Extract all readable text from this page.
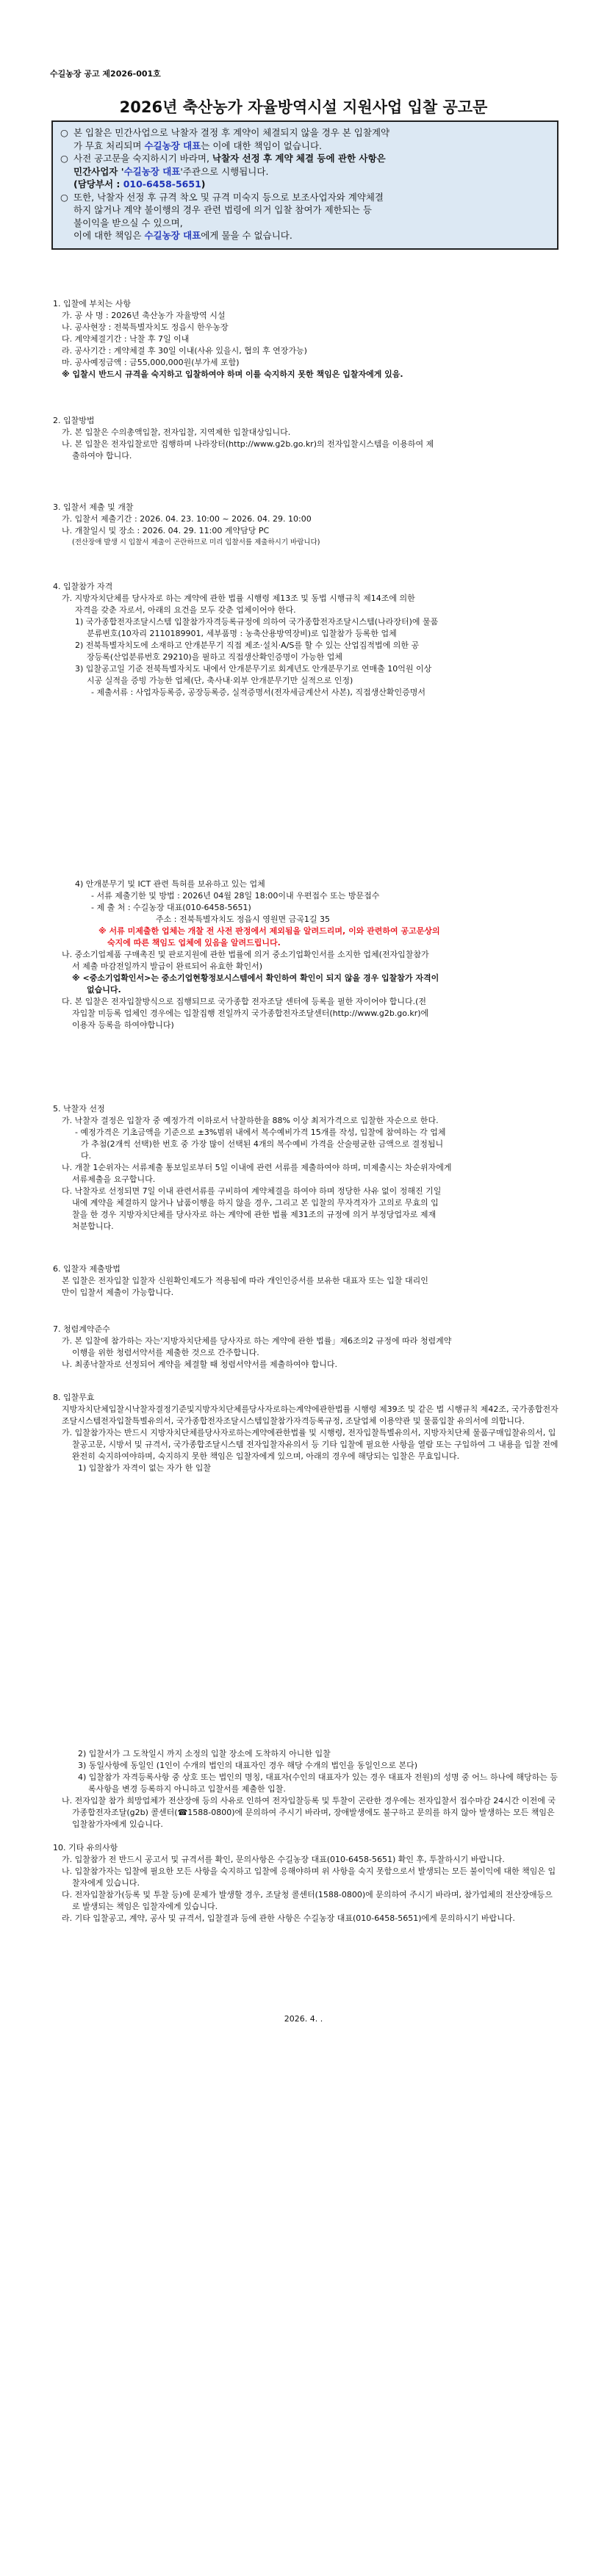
수길농장 공고 제2026-001호
2026년 축산농가 자율방역시설 지원사업 입찰 공고문

○ 본 입찰은 민간사업으로 낙찰자 결정 후 계약이 체결되지 않을 경우 본 입찰계약
가 무효 처리되며 수길농장 대표는 이에 대한 책임이 없습니다.

○ 사전 공고문을 숙지하시기 바라며, 낙찰자 선정 후 계약 체결 등에 관한 사항은
민간사업자 '수길농장 대표'주관으로 시행됩니다.
(담당부서 : 010-6458-5651)

○ 또한, 낙찰자 선정 후 규격 착오 및 규격 미숙지 등으로 보조사업자와 계약체결
하지 않거나 계약 불이행의 경우 관련 법령에 의거 입찰 참여가 제한되는 등
불이익을 받으실 수 있으며,
이에 대한 책임은 수길농장 대표에게 물을 수 없습니다.

1. 입찰에 부치는 사항

가. 공 사 명 : 2026년 축산농가 자율방역 시설

나. 공사현장 : 전북특별자치도 정읍시 한우농장

다. 계약체결기간 : 낙찰 후 7일 이내

라. 공사기간 : 계약체결 후 30일 이내(사유 있을시, 협의 후 연장가능)

마. 공사예정금액 : 금55,000,000원(부가세 포함)

※ 입찰시 반드시 규격을 숙지하고 입찰하여야 하며 이를 숙지하지 못한 책임은 입찰자에게 있음.

2. 입찰방법

가. 본 입찰은 수의총액입찰, 전자입찰, 지역제한 입찰대상입니다.

나. 본 입찰은 전자입찰로만 집행하며 나라장터(http://www.g2b.go.kr)의 전자입찰시스템을 이용하여 제

출하여야 합니다.

3. 입찰서 제출 및 개찰

가. 입찰서 제출기간 : 2026. 04. 23. 10:00 ~ 2026. 04. 29. 10:00

나. 개찰일시 및 장소 : 2026. 04. 29. 11:00 계약담당 PC

(전산장애 발생 시 입찰서 제출이 곤란하므로 미리 입찰서를 제출하시기 바랍니다)

4. 입찰참가 자격

가. 지방자치단체를 당사자로 하는 계약에 관한 법률 시행령 제13조 및 동법 시행규칙 제14조에 의한

자격을 갖춘 자로서, 아래의 요건을 모두 갖춘 업체이어야 한다.

1) 국가종합전자조달시스템 입찰참가자격등록규정에 의하여 국가종합전자조달시스템(나라장터)에 물품

분류번호(10자리 2110189901, 세부품명 : 농축산용방역장비)로 입찰참가 등록한 업체

2) 전북특별자치도에 소재하고 안개분무기 직접 제조·설치·A/S를 할 수 있는 산업집적법에 의한 공

장등록(산업분류번호 29210)을 필하고 직접생산확인증명이 가능한 업체

3) 입찰공고일 기준 전북특별자치도 내에서 안개분무기로 회계년도 안개분무기로 연매출 10억원 이상

시공 실적을 증빙 가능한 업체(단, 축사내·외부 안개분무기만 실적으로 인정)

- 제출서류 : 사업자등록증, 공장등록증, 실적증명서(전자세금계산서 사본), 직접생산확인증명서

4) 안개분무기 및 ICT 관련 특허를 보유하고 있는 업체

- 서류 제출기한 및 방법 : 2026년 04월 28일 18:00이내 우편접수 또는 방문접수

- 제 출 처 : 수길농장 대표(010-6458-5651)

주소 : 전북특별자치도 정읍시 영원면 금곡1길 35

※ 서류 미제출한 업체는 개찰 전 사전 판정에서 제외됨을 알려드리며, 이와 관련하여 공고문상의

숙지에 따른 책임도 업체에 있음을 알려드립니다.

나. 중소기업제품 구매촉진 및 판로지원에 관한 법률에 의거 중소기업확인서를 소지한 업체(전자입찰참가

서 제출 마감전일까지 발급이 완료되어 유효한 확인서)

※ <중소기업확인서>는 중소기업현황정보시스템에서 확인하여 확인이 되지 않을 경우 입찰참가 자격이

없습니다.

다. 본 입찰은 전자입찰방식으로 집행되므로 국가종합 전자조달 센터에 등록을 필한 자이어야 합니다.(전

자입찰 미등록 업체인 경우에는 입찰집행 전일까지 국가종합전자조달센터(http://www.g2b.go.kr)에

이용자 등록을 하여야합니다)

5. 낙찰자 선정

가. 낙찰자 결정은 입찰자 중 예정가격 이하로서 낙찰하한율 88% 이상 최저가격으로 입찰한 자순으로 한다.

- 예정가격은 기초금액을 기준으로 ±3%범위 내에서 복수예비가격 15개를 작성, 입찰에 참여하는 각 업체

가 추첨(2개씩 선택)한 번호 중 가장 많이 선택된 4개의 복수예비 가격을 산술평균한 금액으로 결정됩니

다.

나. 개찰 1순위자는 서류제출 통보일로부터 5일 이내에 관련 서류를 제출하여야 하며, 미제출시는 차순위자에게

서류제출을 요구합니다.

다. 낙찰자로 선정되면 7일 이내 관련서류를 구비하여 계약체결을 하여야 하며 정당한 사유 없이 정해진 기일

내에 계약을 체결하지 않거나 납품이행을 하지 않을 경우, 그리고 본 입찰의 무자격자가 고의로 무효의 입

찰을 한 경우 지방자치단체를 당사자로 하는 계약에 관한 법률 제31조의 규정에 의거 부정당업자로 제재

처분합니다.

6. 입찰자 제출방법

본 입찰은 전자입찰 입찰자 신원확인제도가 적용됨에 따라 개인인증서를 보유한 대표자 또는 입찰 대리인

만이 입찰서 제출이 가능합니다.

7. 청렴계약준수

가. 본 입찰에 참가하는 자는'지방자치단체를 당사자로 하는 계약에 관한 법률」제6조의2 규정에 따라 청렴계약

이행을 위한 청렴서약서를 제출한 것으로 간주합니다.

나. 최종낙찰자로 선정되어 계약을 체결할 때 청렴서약서를 제출하여야 합니다.

8. 입찰무효

지방자치단체입찰시낙찰자결정기준및지방자치단체를당사자로하는계약에관한법률 시행령 제39조 및 같은 법 시행규칙 제42조, 국가종합전자조달시스템전자입찰특별유의서, 국가종합전자조달시스템입찰참가자격등록규정, 조달업체 이용약관 및 물품입찰 유의서에 의합니다.

가. 입찰참가자는 반드시 지방자치단체를당사자로하는계약에관한법률 및 시행령, 전자입찰특별유의서, 지방자치단체 물품구매입찰유의서, 입찰공고문, 시방서 및 규격서, 국가종합조달시스템 전자입찰자유의서 등 기타 입찰에 필요한 사항을 열람 또는 구입하여 그 내용을 입찰 전에 완전히 숙지하여야하며, 숙지하지 못한 책임은 입찰자에게 있으며, 아래의 경우에 해당되는 입찰은 무효입니다.

1) 입찰참가 자격이 없는 자가 한 입찰

2) 입찰서가 그 도착일시 까지 소정의 입찰 장소에 도착하지 아니한 입찰

3) 동일사항에 동일인 (1인이 수개의 법인의 대표자인 경우 해당 수개의 법인을 동일인으로 본다)

4) 입찰참가 자격등록사항 중 상호 또는 법인의 명칭, 대표자(수인의 대표자가 있는 경우 대표자 전원)의 성명 중 어느 하나에 해당하는 등록사항을 변경 등록하지 아니하고 입찰서를 제출한 입찰.

나. 전자입찰 참가 희망업체가 전산장애 등의 사유로 인하여 전자입찰등록 및 투찰이 곤란한 경우에는 전자입찰서 접수마감 24시간 이전에 국가종합전자조달(g2b) 콜센터(☎1588-0800)에 문의하여 주시기 바라며, 장애발생에도 불구하고 문의를 하지 않아 발생하는 모든 책임은 입찰참가자에게 있습니다.

10. 기타 유의사항

가. 입찰참가 전 반드시 공고서 및 규격서를 확인, 문의사항은 수길농장 대표(010-6458-5651) 확인 후, 투찰하시기 바랍니다.

나. 입찰참가자는 입찰에 필요한 모든 사항을 숙지하고 입찰에 응해야하며 위 사항을 숙지 못함으로서 발생되는 모든 불이익에 대한 책임은 입찰자에게 있습니다.

다. 전자입찰참가(등록 및 투찰 등)에 문제가 발생할 경우, 조달청 콜센터(1588-0800)에 문의하여 주시기 바라며, 참가업체의 전산장애등으로 발생되는 책임은 입찰자에게 있습니다.

라. 기타 입찰공고, 계약, 공사 및 규격서, 입찰결과 등에 관한 사항은 수길농장 대표(010-6458-5651)에게 문의하시기 바랍니다.

2026. 4. .
